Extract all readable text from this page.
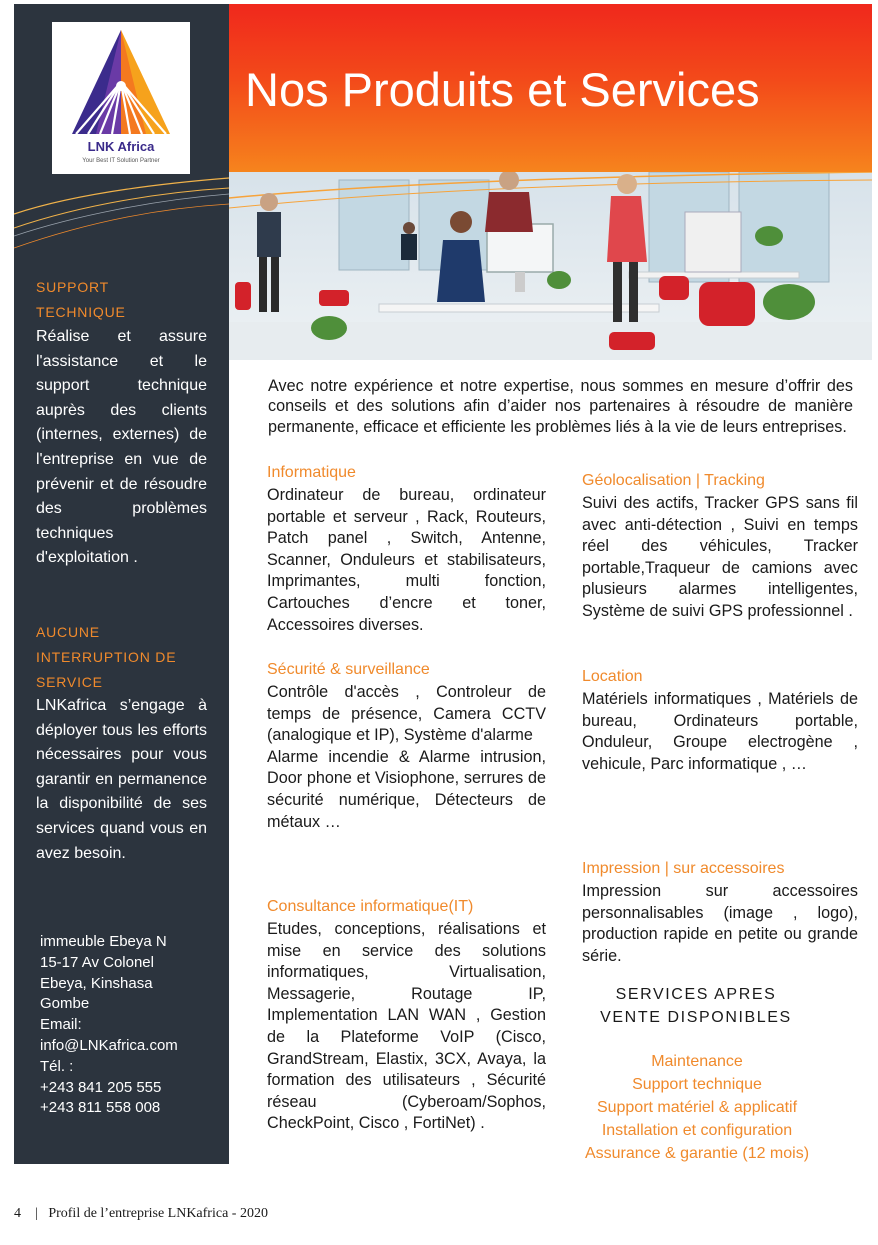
LNK Africa
Your Best IT Solution Partner
SUPPORT
TECHNIQUE
Réalise et assure l'assistance et le support technique auprès des clients (internes, externes) de l'entreprise en vue de prévenir et de résoudre des problèmes techniques d'exploitation .
AUCUNE
INTERRUPTION DE
SERVICE
LNKafrica s’engage à déployer tous les efforts nécessaires pour vous garantir en permanence la disponibilité de ses services quand vous en avez besoin.
immeuble Ebeya N
15-17 Av Colonel
Ebeya, Kinshasa
Gombe
Email:
info@LNKafrica.com
Tél. :
+243 841 205 555
+243 811 558 008
Nos Produits et Services

Avec notre expérience et notre expertise, nous sommes en mesure d’offrir des conseils et des solutions afin d’aider nos partenaires à résoudre de manière permanente, efficace et efficiente les problèmes liés à la vie de leurs entreprises.

Informatique

Ordinateur de bureau, ordinateur portable et serveur , Rack, Routeurs, Patch panel , Switch, Antenne, Scanner, Onduleurs et stabilisateurs, Imprimantes, multi fonction, Cartouches d’encre et toner, Accessoires diverses.

Sécurité & surveillance

Contrôle d'accès , Controleur de temps de présence, Camera CCTV (analogique et IP), Système d'alarme

Alarme incendie & Alarme intrusion, Door phone et Visiophone, serrures de sécurité numérique, Détecteurs de métaux …

Consultance informatique(IT)

Etudes, conceptions, réalisations et mise en service des solutions informatiques, Virtualisation, Messagerie, Routage IP, Implementation LAN WAN , Gestion de la Plateforme VoIP (Cisco, GrandStream, Elastix, 3CX, Avaya, la formation des utilisateurs , Sécurité réseau (Cyberoam/Sophos, CheckPoint, Cisco , FortiNet) .

Géolocalisation | Tracking

Suivi des actifs, Tracker GPS sans fil avec anti-détection , Suivi en temps réel des véhicules, Tracker portable,Traqueur de camions avec plusieurs alarmes intelligentes, Système de suivi GPS professionnel .

Location

Matériels informatiques , Matériels de bureau, Ordinateurs portable, Onduleur, Groupe electrogène , vehicule, Parc informatique , …

Impression | sur accessoires

Impression sur accessoires personnalisables (image , logo), production rapide en petite ou grande série.

SERVICES APRES
VENTE DISPONIBLES
Maintenance
Support technique
Support matériel & applicatif
Installation et configuration
Assurance & garantie (12 mois)
4 | Profil de l’entreprise LNKafrica - 2020
